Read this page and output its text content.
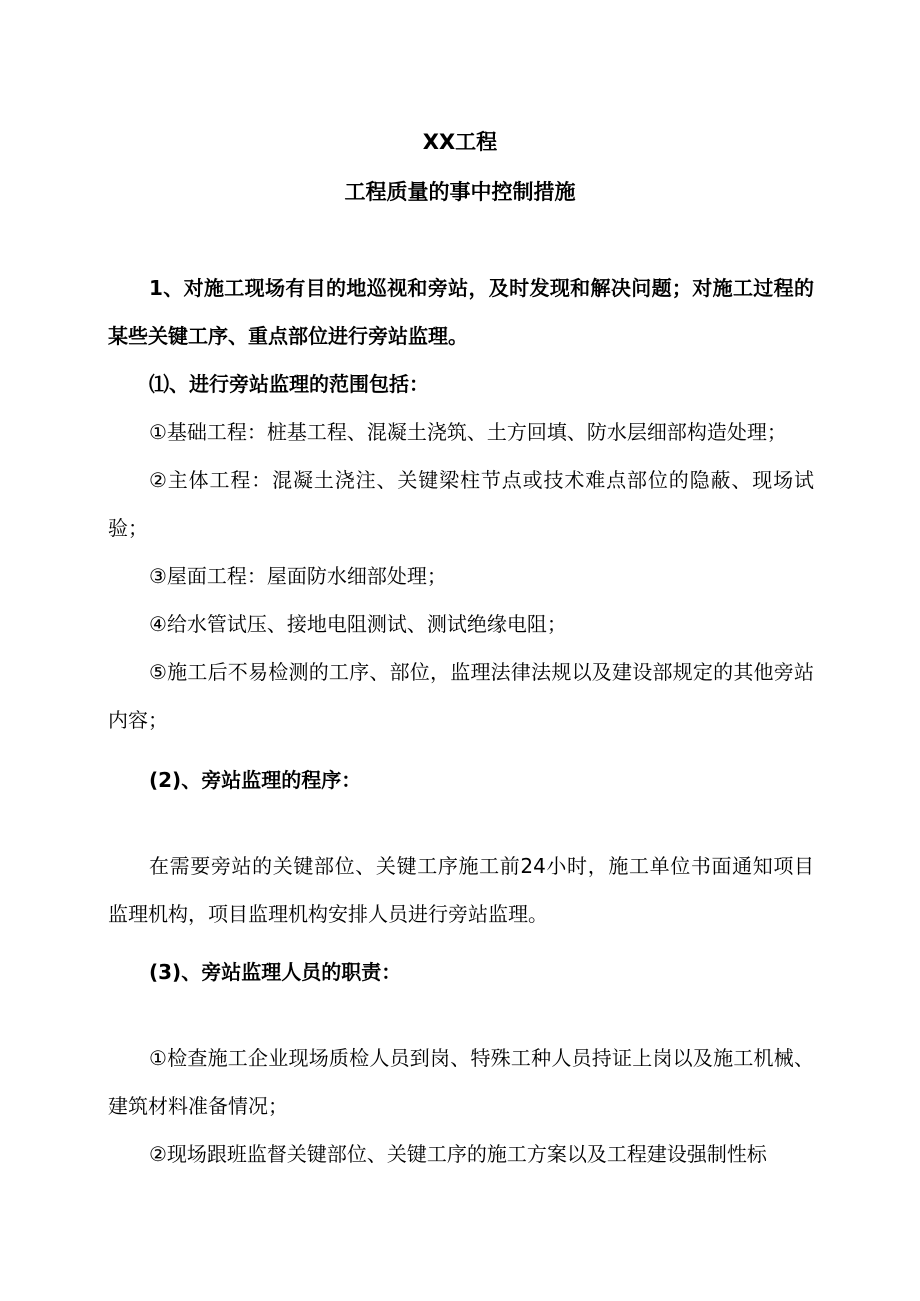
XX工程
工程质量的事中控制措施

1、对施工现场有目的地巡视和旁站，及时发现和解决问题；对施工过程的某些关键工序、重点部位进行旁站监理。

⑴、进行旁站监理的范围包括：

①基础工程：桩基工程、混凝土浇筑、土方回填、防水层细部构造处理；

②主体工程：混凝土浇注、关键梁柱节点或技术难点部位的隐蔽、现场试验；

③屋面工程：屋面防水细部处理；

④给水管试压、接地电阻测试、测试绝缘电阻；

⑤施工后不易检测的工序、部位，监理法律法规以及建设部规定的其他旁站内容；

(2)、旁站监理的程序：

在需要旁站的关键部位、关键工序施工前24小时，施工单位书面通知项目监理机构，项目监理机构安排人员进行旁站监理。

(3)、旁站监理人员的职责：

①检查施工企业现场质检人员到岗、特殊工种人员持证上岗以及施工机械、建筑材料准备情况；

②现场跟班监督关键部位、关键工序的施工方案以及工程建设强制性标
